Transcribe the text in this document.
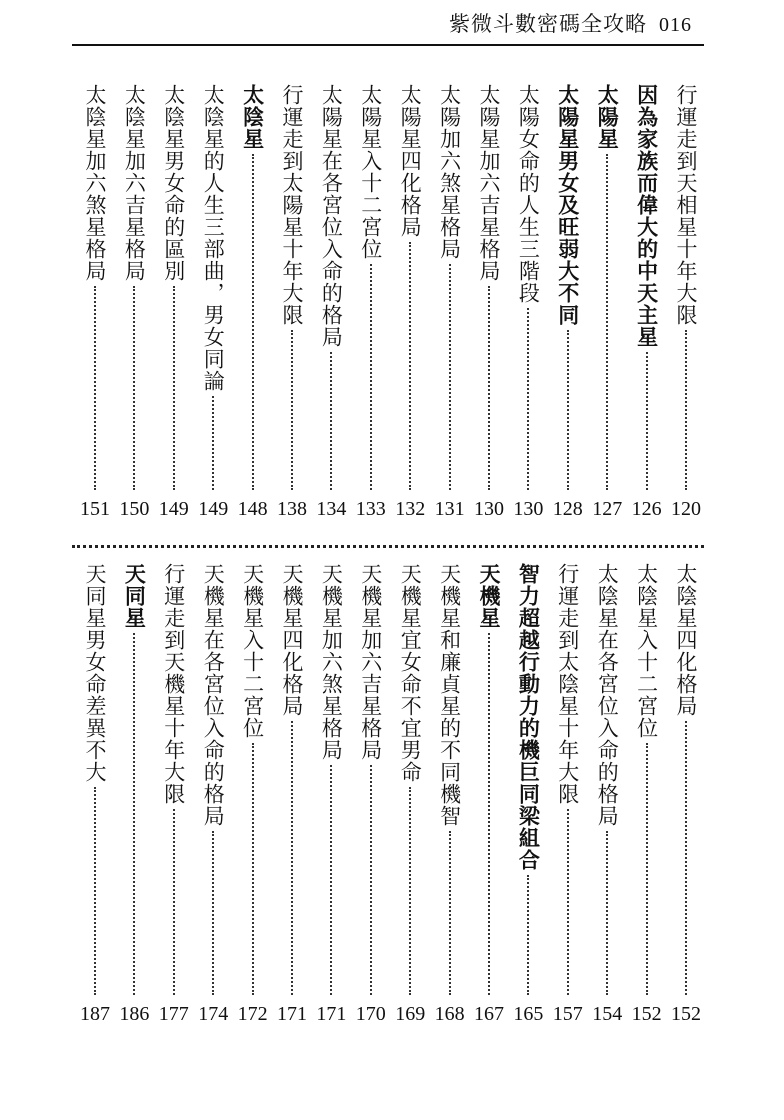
紫微斗數密碼全攻略 016
行運走到天相星十年大限
120
因為家族而偉大的中天主星
126
太陽星
127
太陽星男女及旺弱大不同
128
太陽女命的人生三階段
130
太陽星加六吉星格局
130
太陽加六煞星格局
131
太陽星四化格局
132
太陽星入十二宮位
133
太陽星在各宮位入命的格局
134
行運走到太陽星十年大限
138
太陰星
148
太陰星的人生三部曲，男女同論
149
太陰星男女命的區別
149
太陰星加六吉星格局
150
太陰星加六煞星格局
151
太陰星四化格局
152
太陰星入十二宮位
152
太陰星在各宮位入命的格局
154
行運走到太陰星十年大限
157
智力超越行動力的機巨同梁組合
165
天機星
167
天機星和廉貞星的不同機智
168
天機星宜女命不宜男命
169
天機星加六吉星格局
170
天機星加六煞星格局
171
天機星四化格局
171
天機星入十二宮位
172
天機星在各宮位入命的格局
174
行運走到天機星十年大限
177
天同星
186
天同星男女命差異不大
187
